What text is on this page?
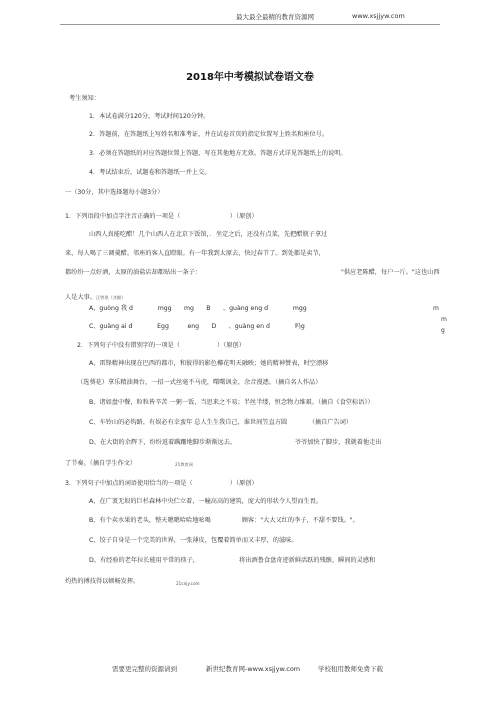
最大最全最精的教育资源网	www.xsjjyw.com
2018年中考模拟试卷语文卷
考生须知：
1．本试卷满分120分，考试时间120分钟。
2．答题前，在答题纸上写姓名和准考证，并在试卷首页的指定位置写上姓名和座位号。
3．必须在答题纸的对应答题位置上答题，写在其他地方无效。答题方式详见答题纸上的说明。
4．考试结束后，试题卷和答题纸一并上交。
一（30分，其中选择题每小题3分）
1．下列语段中加点字注音正确的一项是（　　　　　　　　）（原创）
山西人真能吃醋！几个山西人在北京下饭馆，．坐定之后，还没有点菜，先把醋瓶子拿过
来，每人喝了三调羹醋。邻座的客人直瞪眼。有一年我到太原去，快过春节了。到处都是卖节，
都纷纷一点好酒，太原的油盐店却都贴出一条子：	"供应老陈醋，每户一斤。"这也山西
人是大事。汪曾祺《食醋》
A、guòng 我 d　　　　mgg　　mg　　B　　、guàng eng d　　　　mgg	m
C、guàng ai d　　　　Egg　　　eng　　D　　、guàng en d　　　　吗g
m
g
2．下列句子中没有错别字的一项是（　　　　　　）（原创）
A、雷锋精神出现在巴西的都市，和彼得的影色椰花明天融映；她的精神赞表，时空漂移
（选葵花）拿乐精油舞台，一招一式丝毫不马虎，曙曙讽金，余音漫漶。（摘自名人作品）
B、诸如盘中餐，粒粒皆辛苦 一粥一饭，当思来之不易；半丝半缕，恒念物力维艰。（摘自《食堂标语》）
C、车铃山的必钩路，有娱必有幸蛮年 总人生生我自己，谁世间笠直方圆　　　　（摘自广告词）
D、在大街的余辉下，纷纷返着蹒跚地脚步渐渐远去。　　　　　　　　　　爷爷加快了脚步，我就着他走出
了节奏。（摘自学生作文）	21教育网
3．下列句子中加点的词语使用恰当的一项是（　　　　　　）（原创）
A、在广袤无垠的巨杉森林中央伫立着，一幢高高的建筑，庞大的形状令人望而生畏。
B、有个卖水果的老头，整天嗯嗯哈哈地吆喝　　　　　顾客："大大又红的李子，不甜不要钱。"。
C、饺子自身是一个完美的世界，一张薄皮，包覆着简单而又丰厚，的滋味。
D、有经验的老年拉长能用平常的筷子，　　　　　　　将出酒鲁食盘奇迹新鲜活跃的残骸，瞬间的灵感和
灼热的搏技得以顿畅发挥。	21cnjy.com
需要更完整的资源请到	新世纪教育网-www.xsjjyw.com	学校租用教师免费下载
